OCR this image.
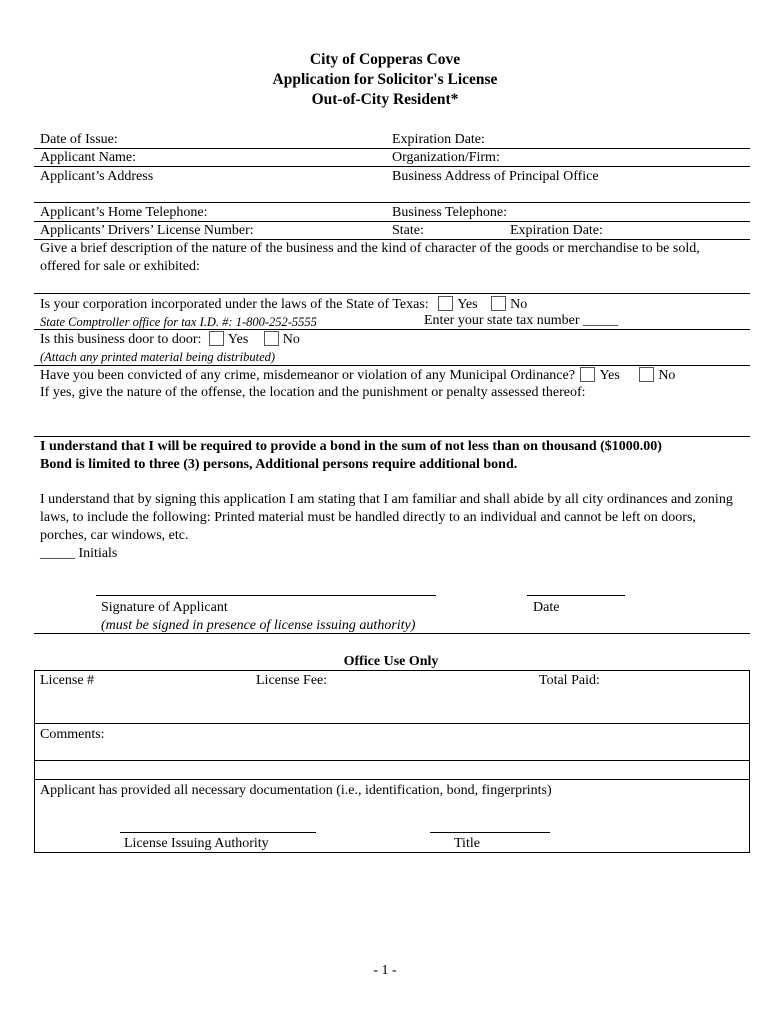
City of Copperas Cove
Application for Solicitor's License
Out-of-City Resident*
Date of Issue:	Expiration Date:
Applicant Name:	Organization/Firm:
Applicant’s Address	Business Address of Principal Office
Applicant’s Home Telephone:	Business Telephone:
Applicants’ Drivers’ License Number:	State:	Expiration Date:
Give a brief description of the nature of the business and the kind of character of the goods or merchandise to be sold, offered for sale or exhibited:
Is your corporation incorporated under the laws of the State of Texas: Yes No
State Comptroller office for tax I.D. #: 1-800-252-5555	Enter your state tax number _____
Is this business door to door: Yes No
(Attach any printed material being distributed)
Have you been convicted of any crime, misdemeanor or violation of any Municipal Ordinance? Yes	No
If yes, give the nature of the offense, the location and the punishment or penalty assessed thereof:
I understand that I will be required to provide a bond in the sum of not less than on thousand ($1000.00)
Bond is limited to three (3) persons, Additional persons require additional bond.
I understand that by signing this application I am stating that I am familiar and shall abide by all city ordinances and zoning laws, to include the following: Printed material must be handled directly to an individual and cannot be left on doors, porches, car windows, etc.
_____ Initials
Signature of Applicant	Date
(must be signed in presence of license issuing authority)
Office Use Only
License #	License Fee:	Total Paid:
Comments:
Applicant has provided all necessary documentation (i.e., identification, bond, fingerprints)
License Issuing Authority	Title
- 1 -
